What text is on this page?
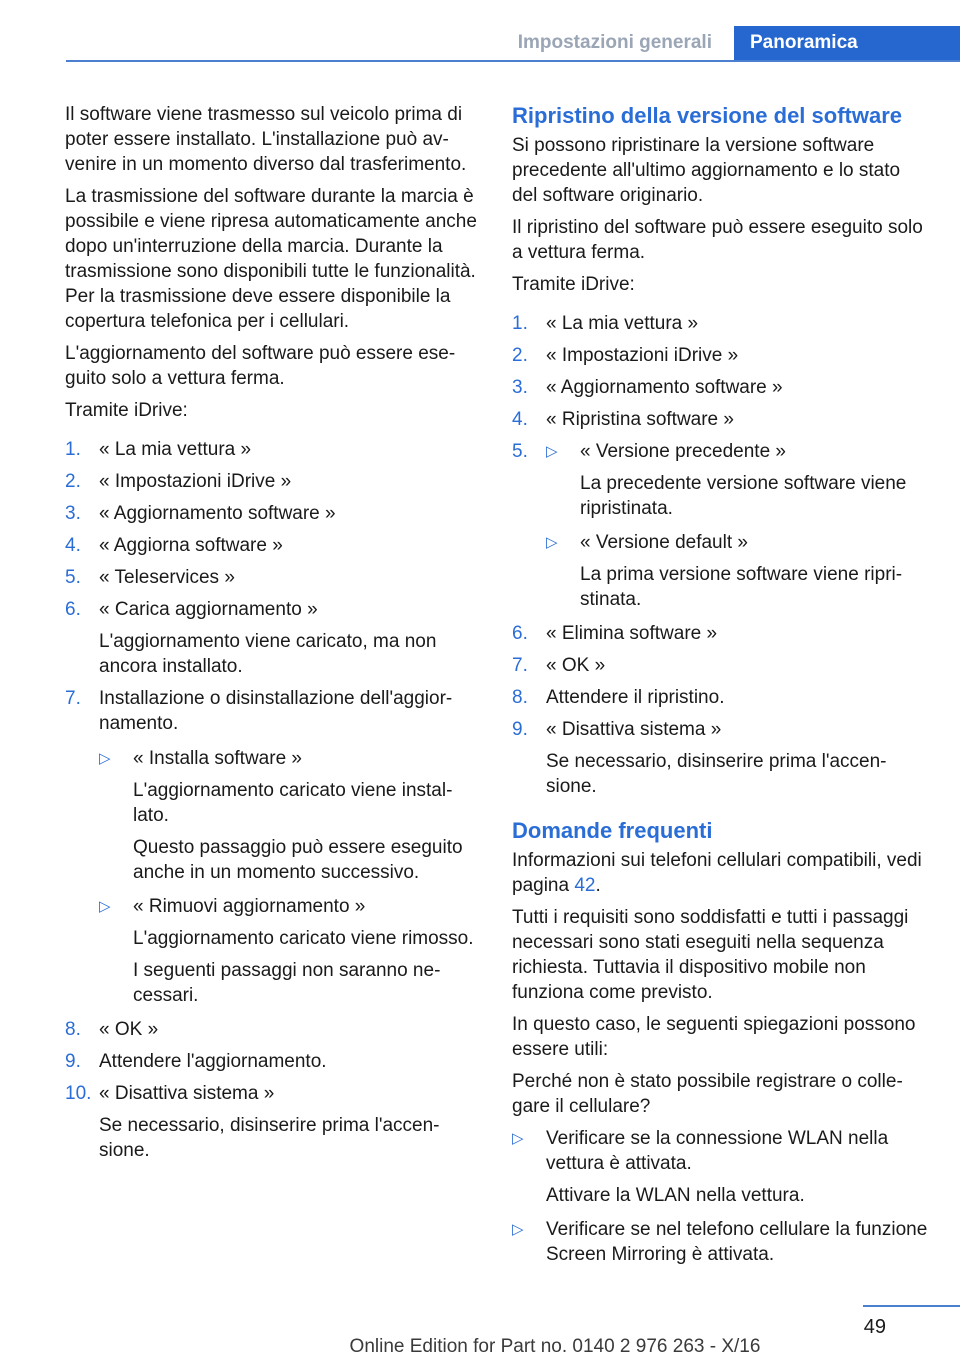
Impostazioni generali	Panoramica

Il software viene trasmesso sul veicolo prima di poter essere installato. L'installazione può avvenire in un momento diverso dal trasferimento.

La trasmissione del software durante la marcia è possibile e viene ripresa automaticamente anche dopo un'interruzione della marcia. Durante la trasmissione sono disponibili tutte le funzionalità. Per la trasmissione deve essere disponibile la copertura telefonica per i cellulari.

L'aggiornamento del software può essere eseguito solo a vettura ferma.

Tramite iDrive:

1. « La mia vettura »
2. « Impostazioni iDrive »
3. « Aggiornamento software »
4. « Aggiorna software »
5. « Teleservices »
6. « Carica aggiornamento »
L'aggiornamento viene caricato, ma non ancora installato.
7. Installazione o disinstallazione dell'aggiornamento.
▷
« Installa software »
L'aggiornamento caricato viene installato.
Questo passaggio può essere eseguito anche in un momento successivo.
▷
« Rimuovi aggiornamento »
L'aggiornamento caricato viene rimosso.
I seguenti passaggi non saranno necessari.
8. « OK »
9. Attendere l'aggiornamento.
10. « Disattiva sistema »
Se necessario, disinserire prima l'accensione.
Ripristino della versione del software

Si possono ripristinare la versione software precedente all'ultimo aggiornamento e lo stato del software originario.

Il ripristino del software può essere eseguito solo a vettura ferma.

Tramite iDrive:

1. « La mia vettura »
2. « Impostazioni iDrive »
3. « Aggiornamento software »
4. « Ripristina software »
5.
▷	« Versione precedente »
La precedente versione software viene ripristinata.
▷
« Versione default »
La prima versione software viene ripristinata.
6. « Elimina software »
7. « OK »
8. Attendere il ripristino.
9. « Disattiva sistema »
Se necessario, disinserire prima l'accensione.
Domande frequenti

Informazioni sui telefoni cellulari compatibili, vedi pagina 42.

Tutti i requisiti sono soddisfatti e tutti i passaggi necessari sono stati eseguiti nella sequenza richiesta. Tuttavia il dispositivo mobile non funziona come previsto.

In questo caso, le seguenti spiegazioni possono essere utili:

Perché non è stato possibile registrare o collegare il cellulare?

▷
Verificare se la connessione WLAN nella vettura è attivata.
Attivare la WLAN nella vettura.
▷
Verificare se nel telefono cellulare la funzione Screen Mirroring è attivata.
49
Online Edition for Part no. 0140 2 976 263 - X/16
